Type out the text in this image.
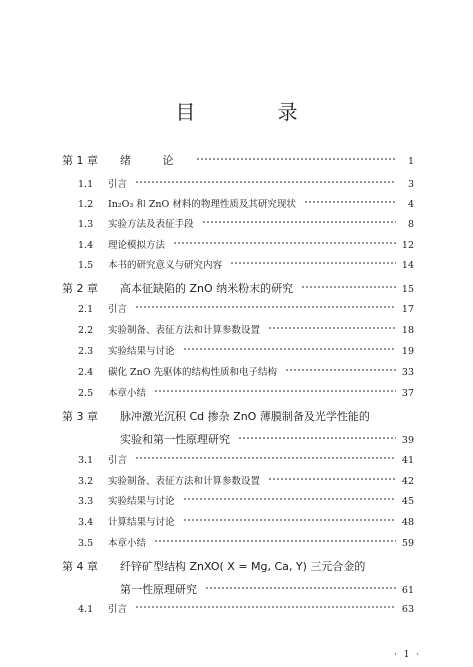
目 录
第 1 章	绪 论	1
1.1	引言	3
1.2	In₂O₃ 和 ZnO 材料的物理性质及其研究现状	4
1.3	实验方法及表征手段	8
1.4	理论模拟方法	12
1.5	本书的研究意义与研究内容	14
第 2 章	高本征缺陷的 ZnO 纳米粉末的研究	15
2.1	引言	17
2.2	实验制备、表征方法和计算参数设置	18
2.3	实验结果与讨论	19
2.4	碳化 ZnO 先驱体的结构性质和电子结构	33
2.5	本章小结	37
第 3 章	脉冲激光沉积 Cd 掺杂 ZnO 薄膜制备及光学性能的
实验和第一性原理研究	39
3.1	引言	41
3.2	实验制备、表征方法和计算参数设置	42
3.3	实验结果与讨论	45
3.4	计算结果与讨论	48
3.5	本章小结	59
第 4 章	纤锌矿型结构 ZnXO( X = Mg, Ca, Y) 三元合金的
第一性原理研究	61
4.1	引言	63
· 1 ·
